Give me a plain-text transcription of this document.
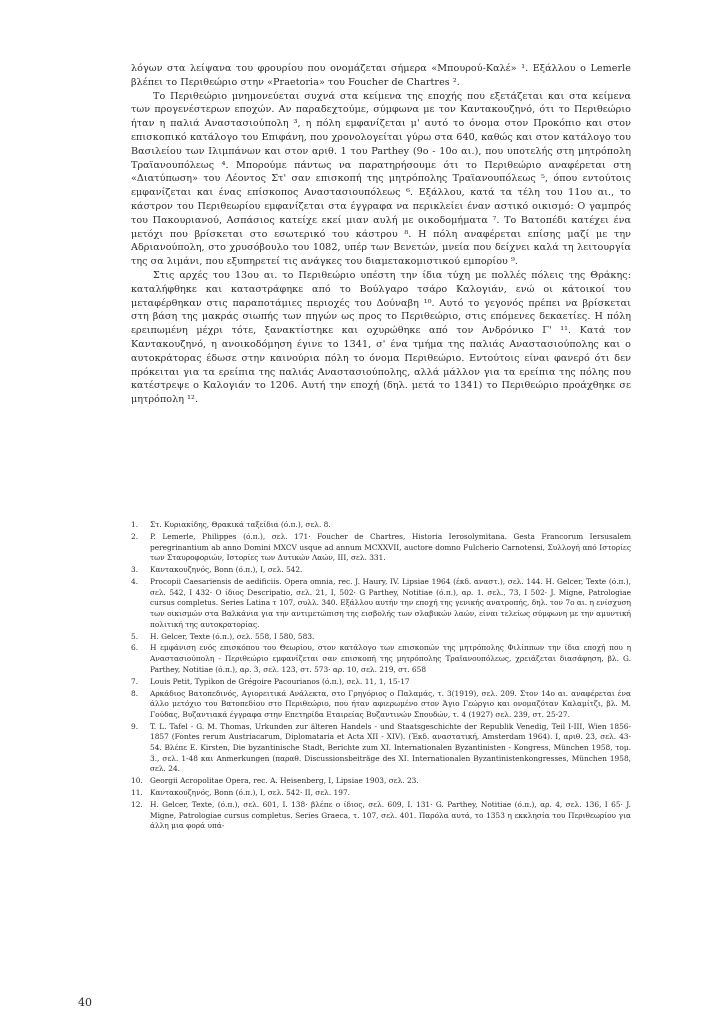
λόγων στα λείψανα του φρουρίου που ονομάζεται σήμερα «Μπουρού-Καλέ» ¹. Εξάλλου ο Lemerle βλέπει το Περιθεώριο στην «Praetoria» του Foucher de Chartres ².

Το Περιθεώριο μνημονεύεται συχνά στα κείμενα της εποχής που εξετάζεται και στα κείμενα των προγενέστερων εποχών. Αν παραδεχτούμε, σύμφωνα με τον Καντακουζηνό, ότι το Περιθεώριο ήταν η παλιά Αναστασιούπολη ³, η πόλη εμφανίζεται μ' αυτό το όνομα στον Προκόπιο και στον επισκοπικό κατάλογο του Επιφάνη, που χρονολογείται γύρω στα 640, καθώς και στον κατάλογο του Βασιλείου των Ιλιμπάνων και στον αριθ. 1 του Parthey (9ο - 10ο αι.), που υποτελής στη μητρόπολη Τραϊανουπόλεως ⁴. Μπορούμε πάντως να παρατηρήσουμε ότι το Περιθεώριο αναφέρεται στη «Διατύπωση» του Λέοντος Στ' σαν επισκοπή της μητρόπολης Τραϊανουπόλεως ⁵, όπου εντούτοις εμφανίζεται και ένας επίσκοπος Αναστασιουπόλεως ⁶. Εξάλλου, κατά τα τέλη του 11ου αι., το κάστρον του Περιθεωρίου εμφανίζεται στα έγγραφα να περικλείει έναν αστικό οικισμό: Ο γαμπρός του Πακουριανού, Ασπάσιος κατείχε εκεί μιαν αυλή με οικοδομήματα ⁷. Το Βατοπέδι κατέχει ένα μετόχι που βρίσκεται στο εσωτερικό του κάστρου ⁸. Η πόλη αναφέρεται επίσης μαζί με την Αδριανούπολη, στο χρυσόβουλο του 1082, υπέρ των Βενετών, μνεία που δείχνει καλά τη λειτουργία της σα λιμάνι, που εξυπηρετεί τις ανάγκες του διαμετακομιστικού εμπορίου ⁹.

Στις αρχές του 13ου αι. το Περιθεώριο υπέστη την ίδια τύχη με πολλές πόλεις της Θράκης: καταλήφθηκε και καταστράφηκε από το Βούλγαρο τσάρο Καλογιάν, ενώ οι κάτοικοί του μεταφέρθηκαν στις παραποτάμιες περιοχές του Δούναβη ¹⁰. Αυτό το γεγονός πρέπει να βρίσκεται στη βάση της μακράς σιωπής των πηγών ως προς το Περιθεώριο, στις επόμενες δεκαετίες. Η πόλη ερειπωμένη μέχρι τότε, ξανακτίστηκε και οχυρώθηκε από τον Ανδρόνικο Γ' ¹¹. Κατά τον Καντακουζηνό, η ανοικοδόμηση έγινε το 1341, σ' ένα τμήμα της παλιάς Αναστασιούπολης και ο αυτοκράτορας έδωσε στην καινούρια πόλη το όνομα Περιθεώριο. Εντούτοις είναι φανερό ότι δεν πρόκειται για τα ερείπια της παλιάς Αναστασιούπολης, αλλά μάλλον για τα ερείπια της πόλης που κατέστρεψε ο Καλογιάν το 1206. Αυτή την εποχή (δηλ. μετά το 1341) το Περιθεώριο προάχθηκε σε μητρόπολη ¹².

1.	Στ. Κυριακίδης, Θρακικά ταξείδια (ό.π.), σελ. 8.
2.	P. Lemerle, Philippes (ό.π.), σελ. 171· Foucher de Chartres, Historia Ierosolymitana. Gesta Francorum Iersusalem peregrinantium ab anno Domini MXCV usque ad annum MCXXVII, auctore domno Fulcherio Carnotensi, Συλλογή από Ιστορίες των Σταυροφοριών, Ιστορίες των Δυτικών Λαών, ΙΙΙ, σελ. 331.
3.	Καντακουζηνός, Bonn (ό.π.), Ι, σελ. 542.
4.	Procopii Caesariensis de aedificiis. Opera omnia, rec. J. Haury, IV. Lipsiae 1964 (έκδ. αναστ.), σελ. 144. H. Gelcer, Texte (ό.π.), σελ. 542, Ι 432· Ο ίδιος Descripatio, σελ. 21, Ι, 502· G Parthey, Notitiae (ό.π.), αρ. 1. σελ., 73, Ι 502· J. Migne, Patrologiae cursus completus. Series Latina τ 107, συλλ. 340. Εξάλλου αυτήν την εποχή της γενικής ανατροπής, δηλ. τον 7ο αι. η ενίσχυση των οικισμών στα Βαλκάνια για την αντιμετώπιση της εισβολής των σλαβικών λαών, είναι τελείως σύμφωνη με την αμυντική πολιτική της αυτοκρατορίας.
5.	H. Gelcer, Texte (ό.π.), σελ. 558, Ι 580, 583.
6.	Η εμφάνιση ενός επισκόπου του Θεωρίου, στον κατάλογο των επισκοπών της μητρόπολης Φιλίππων την ίδια εποχή που η Αναστασιούπολη - Περιθεώριο εμφανίζεται σαν επισκοπή της μητρόπολης Τραϊανουπόλεως, χρειάζεται διασάφηση, βλ. G. Parthey, Notitiae (ό.π.), αρ. 3, σελ. 123, στ. 573· αρ. 10, σελ. 219, στ. 658
7.	Louis Petit, Typikon de Grégoire Pacourianos (ό.π.), σελ. 11, 1, 15-17
8.	Αρκάδιος Βατοπεδινός, Αγιορειτικά Ανάλεκτα, στο Γρηγόριος ο Παλαμάς, τ. 3(1919), σελ. 209. Στον 14ο αι. αναφέρεται ένα άλλο μετόχιο του Βατοπεδίου στο Περιθεώριο, που ήταν αφιερωμένο στον Άγιο Γεώργιο και ονομαζόταν Καλαμίτζι, βλ. Μ. Γούδας, Βυζαντιακά έγγραφα στην Επετηρίδα Εταιρείας Βυζαντινών Σπουδών, τ. 4 (1927) σελ. 239, στ. 25-27.
9.	T. L. Tafel - G. M. Thomas, Urkunden zur älteren Handels - und Staatsgeschichte der Republik Venedig, Teil I-III, Wien 1856-1857 (Fontes rerum Austriacarum, Diplomataria et Acta XII - XIV). (Έκδ. αναστατική, Amsterdam 1964). Ι, αριθ. 23, σελ. 43-54. Βλέπε E. Kirsten, Die byzantinische Stadt, Berichte zum XI. Internationalen Byzantinisten - Kongress, München 1958, τομ. 3., σελ. 1-48 και Anmerkungen (παραθ. Discussionsbeiträge des XI. Internationalen Byzantinistenkongresses, München 1958, σελ. 24.
10. Georgii Acropolitae Opera, rec. A. Heisenberg, I, Lipsiae 1903, σελ. 23.
11. Καντακουζηνός, Bonn (ό.π.), I, σελ. 542· II, σελ. 197.
12. H. Gelcer, Texte, (ό.π.), σελ. 601, I. 138· βλέπε ο ίδιος, σελ. 609, I. 131· G. Parthey, Notitiae (ό.π.), αρ. 4, σελ. 136, Ι 65· J. Migne, Patrologiae cursus completus. Series Graeca, τ. 107, σελ. 401. Παρόλα αυτά, το 1353 η εκκλησία του Περιθεωρίου για άλλη μια φορά υπά-
40
